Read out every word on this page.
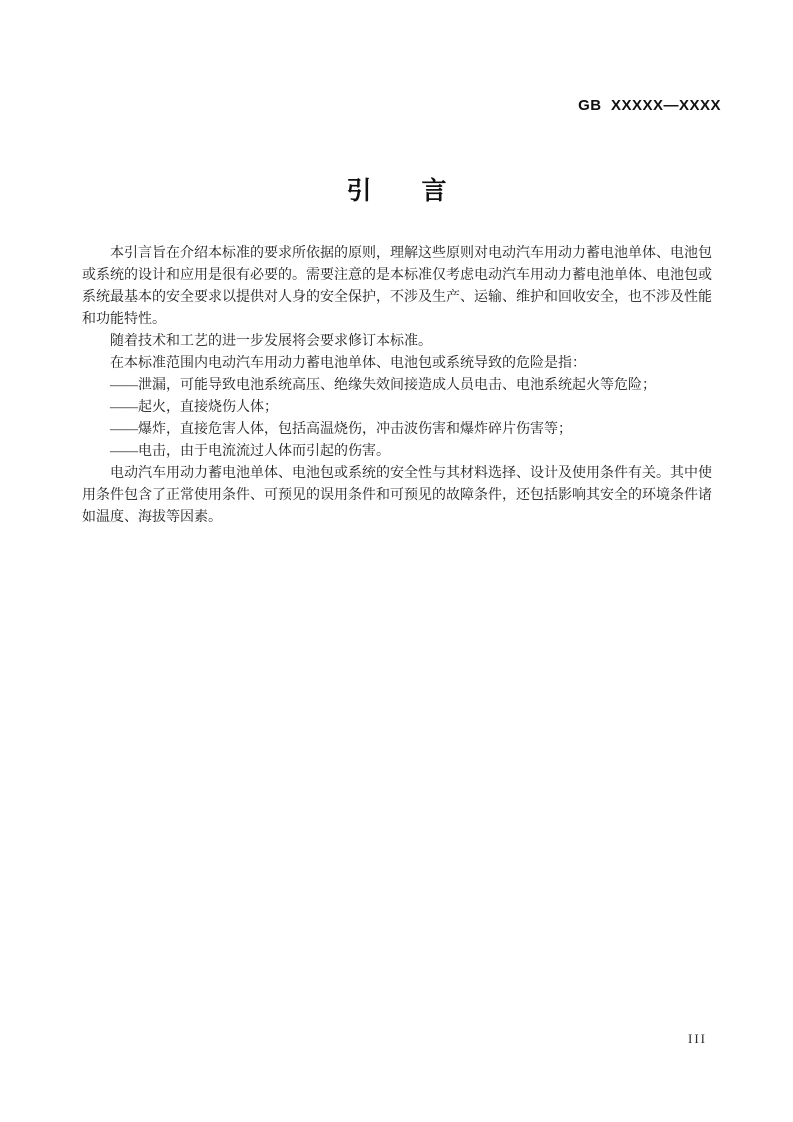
GB  XXXXX—XXXX
引　　言

本引言旨在介绍本标准的要求所依据的原则，理解这些原则对电动汽车用动力蓄电池单体、电池包或系统的设计和应用是很有必要的。需要注意的是本标准仅考虑电动汽车用动力蓄电池单体、电池包或系统最基本的安全要求以提供对人身的安全保护，不涉及生产、运输、维护和回收安全，也不涉及性能和功能特性。

随着技术和工艺的进一步发展将会要求修订本标准。

在本标准范围内电动汽车用动力蓄电池单体、电池包或系统导致的危险是指：

——泄漏，可能导致电池系统高压、绝缘失效间接造成人员电击、电池系统起火等危险；

——起火，直接烧伤人体；

——爆炸，直接危害人体，包括高温烧伤，冲击波伤害和爆炸碎片伤害等；

——电击，由于电流流过人体而引起的伤害。

电动汽车用动力蓄电池单体、电池包或系统的安全性与其材料选择、设计及使用条件有关。其中使用条件包含了正常使用条件、可预见的误用条件和可预见的故障条件，还包括影响其安全的环境条件诸如温度、海拔等因素。

III
